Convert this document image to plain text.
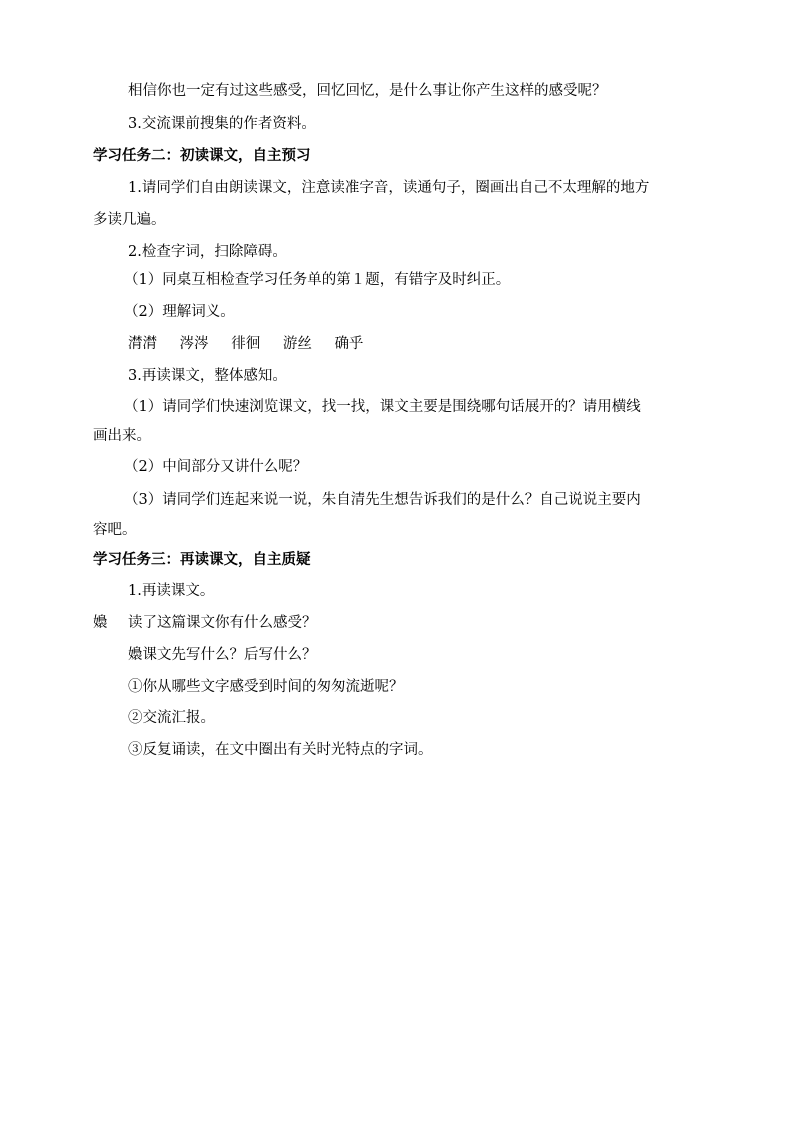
相信你也一定有过这些感受，回忆回忆，是什么事让你产生这样的感受呢？
3.交流课前搜集的作者资料。
学习任务二：初读课文，自主预习
1.请同学们自由朗读课文，注意读准字音，读通句子，圈画出自己不太理解的地方
多读几遍。
2.检查字词，扫除障碍。
（1）同桌互相检查学习任务单的第１题，有错字及时纠正。
（2）理解词义。
潸潸 涔涔 徘徊 游丝 确乎
3.再读课文，整体感知。
（1）请同学们快速浏览课文，找一找，课文主要是围绕哪句话展开的？请用横线
画出来。
（2）中间部分又讲什么呢？
（3）请同学们连起来说一说，朱自清先生想告诉我们的是什么？自己说说主要内
容吧。
学习任务三：再读课文，自主质疑
1.再读课文。
嬝 读了这篇课文你有什么感受？
嬝课文先写什么？后写什么？
①你从哪些文字感受到时间的匆匆流逝呢？
②交流汇报。
③反复诵读，在文中圈出有关时光特点的字词。
